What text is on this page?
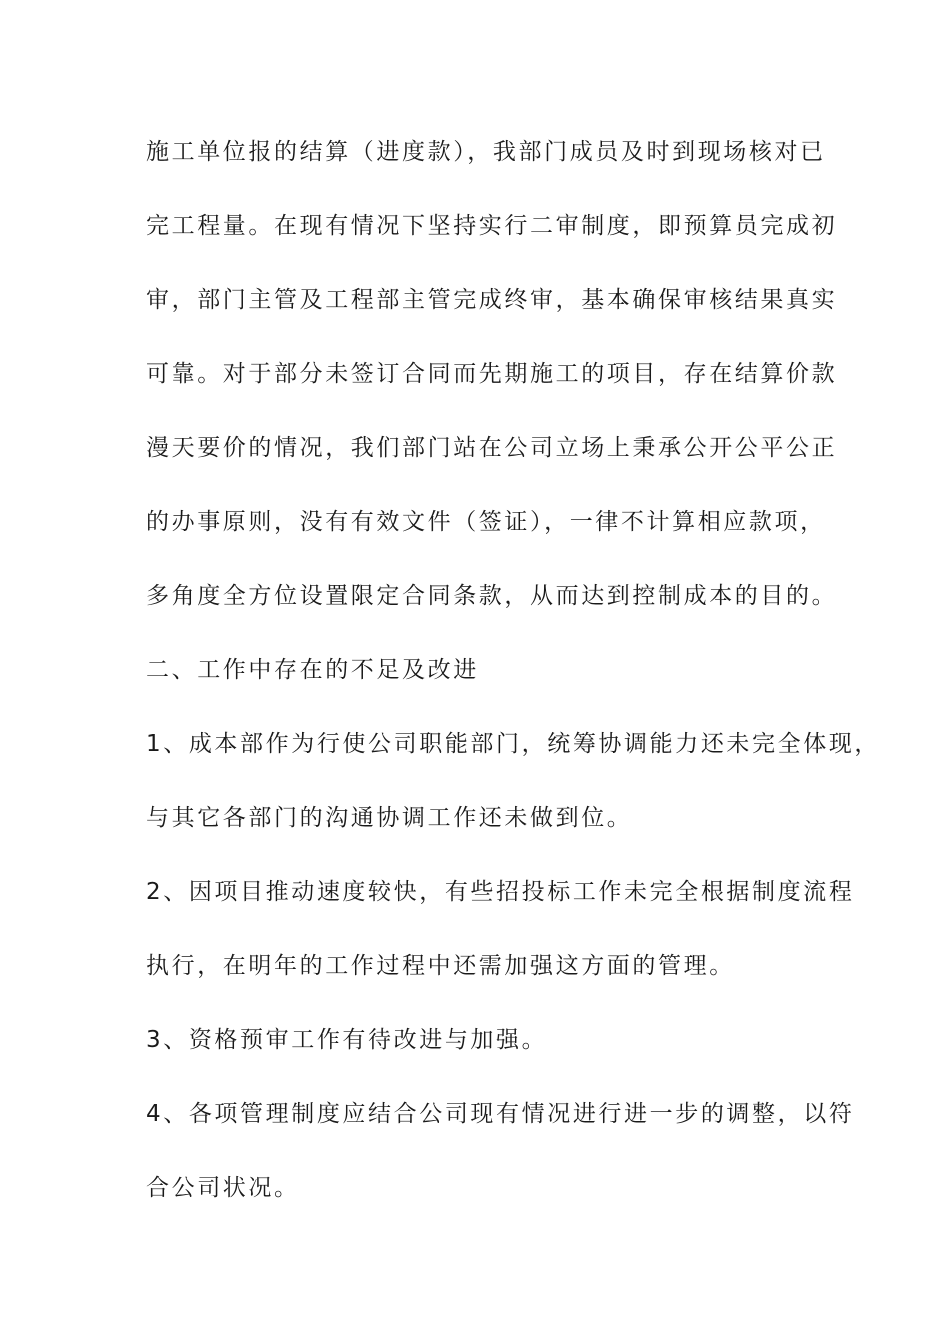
施工单位报的结算（进度款），我部门成员及时到现场核对已
完工程量。在现有情况下坚持实行二审制度，即预算员完成初
审，部门主管及工程部主管完成终审，基本确保审核结果真实
可靠。对于部分未签订合同而先期施工的项目，存在结算价款
漫天要价的情况，我们部门站在公司立场上秉承公开公平公正
的办事原则，没有有效文件（签证），一律不计算相应款项，
多角度全方位设置限定合同条款，从而达到控制成本的目的。
二、工作中存在的不足及改进
1、成本部作为行使公司职能部门，统筹协调能力还未完全体现，
与其它各部门的沟通协调工作还未做到位。
2、因项目推动速度较快，有些招投标工作未完全根据制度流程
执行，在明年的工作过程中还需加强这方面的管理。
3、资格预审工作有待改进与加强。
4、各项管理制度应结合公司现有情况进行进一步的调整，以符
合公司状况。
